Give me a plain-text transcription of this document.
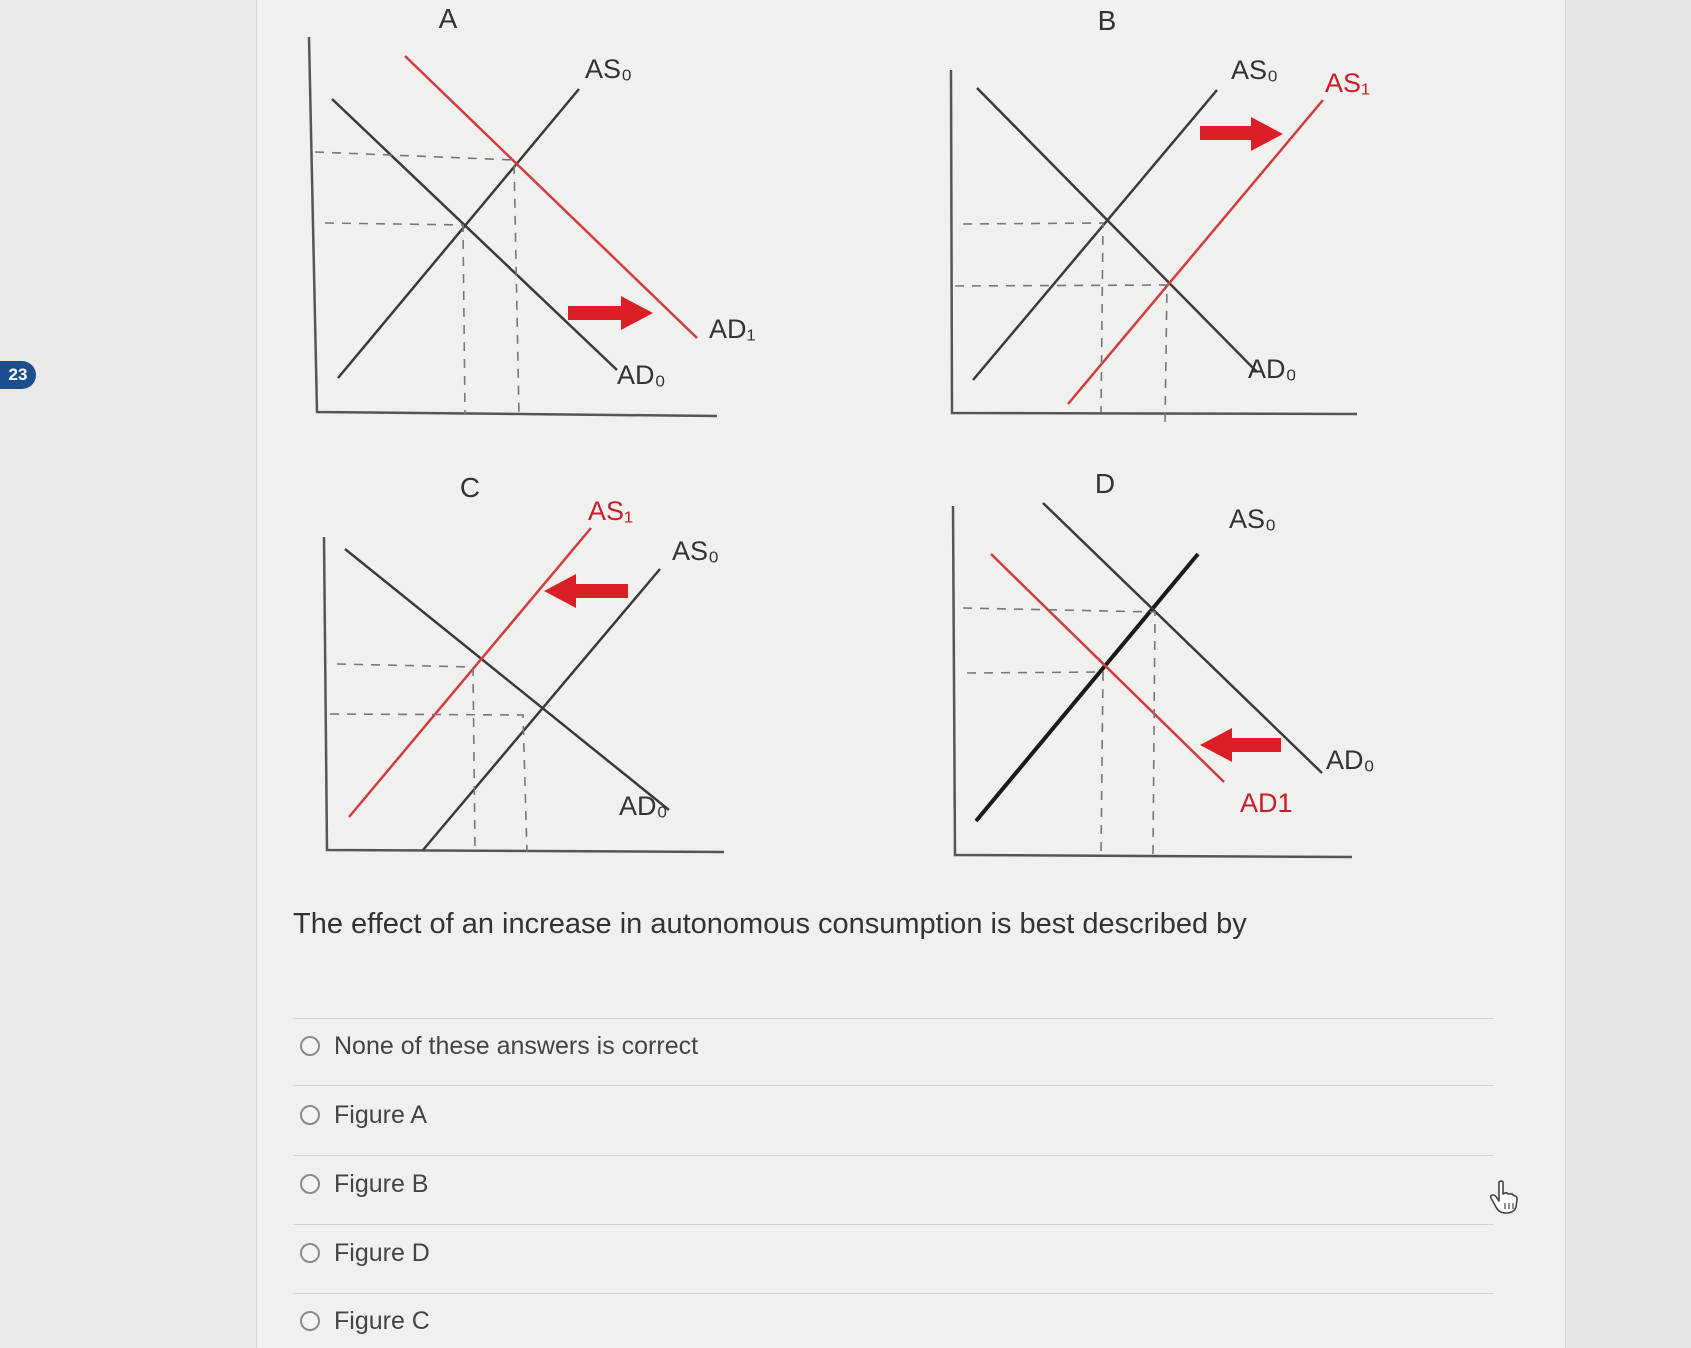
23
A
AS₀
AD₁
AD₀
B
AS₀ AS₁
AD₀
C
AS₁
AS₀
AD₀
D
AS₀
AD₀
AD1
The effect of an increase in autonomous consumption is best described by
None of these answers is correct
Figure A
Figure B
Figure D
Figure C
